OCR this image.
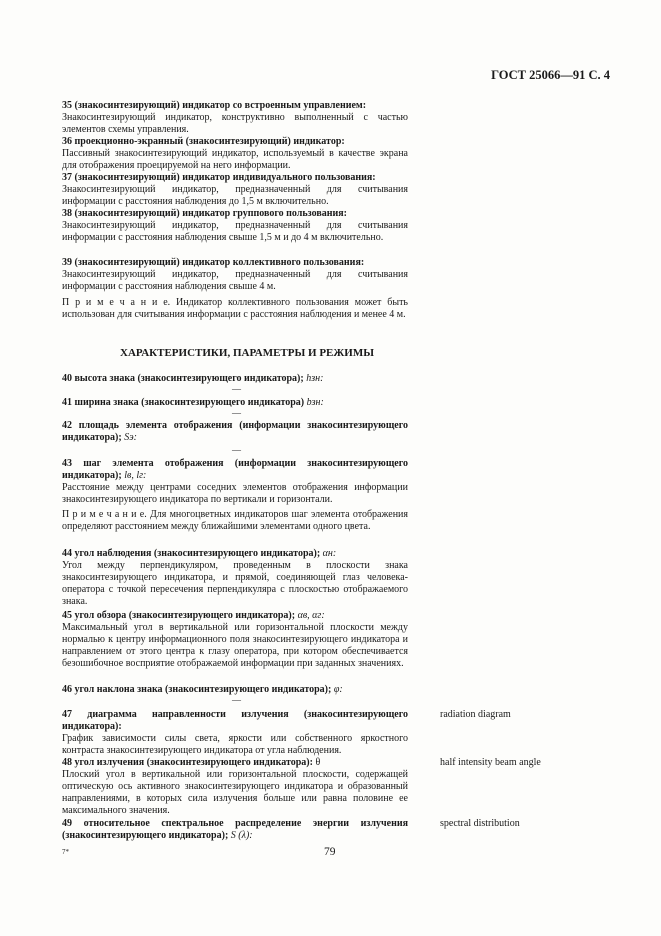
ГОСТ 25066—91 С. 4
35 (знакосинтезирующий) индикатор со встроенным управлением:
Знакосинтезирующий индикатор, конструктивно выполненный с частью элементов схемы управления.
36 проекционно-экранный (знакосинтезирующий) индикатор:
Пассивный знакосинтезирующий индикатор, используемый в качестве экрана для отображения проецируемой на него информации.
37 (знакосинтезирующий) индикатор индивидуального пользования:
Знакосинтезирующий индикатор, предназначенный для считывания информации с расстояния наблюдения до 1,5 м включительно.
38 (знакосинтезирующий) индикатор группового пользования:
Знакосинтезирующий индикатор, предназначенный для считывания информации с расстояния наблюдения свыше 1,5 м и до 4 м включительно.
39 (знакосинтезирующий) индикатор коллективного пользования:
Знакосинтезирующий индикатор, предназначенный для считывания информации с расстояния наблюдения свыше 4 м.
П р и м е ч а н и е. Индикатор коллективного пользования может быть использован для считывания информации с расстояния наблюдения и менее 4 м.
ХАРАКТЕРИСТИКИ, ПАРАМЕТРЫ И РЕЖИМЫ
40 высота знака (знакосинтезирующего индикатора); hзн:
—
41 ширина знака (знакосинтезирующего индикатора) bзн:
—
42 площадь элемента отображения (информации знакосинтезирующего индикатора); Sэ:
—
43 шаг элемента отображения (информации знакосинтезирующего индикатора); lв, lг:
Расстояние между центрами соседних элементов отображения информации знакосинтезирующего индикатора по вертикали и горизонтали.
П р и м е ч а н и е. Для многоцветных индикаторов шаг элемента отображения определяют расстоянием между ближайшими элементами одного цвета.
44 угол наблюдения (знакосинтезирующего индикатора); αн:
Угол между перпендикуляром, проведенным в плоскости знака знакосинтезирующего индикатора, и прямой, соединяющей глаз человека-оператора с точкой пересечения перпендикуляра с плоскостью отображаемого знака.
45 угол обзора (знакосинтезирующего индикатора); αв, αг:
Максимальный угол в вертикальной или горизонтальной плоскости между нормалью к центру информационного поля знакосинтезирующего индикатора и направлением от этого центра к глазу оператора, при котором обеспечивается безошибочное восприятие отображаемой информации при заданных значениях.
46 угол наклона знака (знакосинтезирующего индикатора); φ:
—
47 диаграмма направленности излучения (знакосинтезирующего индикатора):
График зависимости силы света, яркости или собственного яркостного контраста знакосинтезирующего индикатора от угла наблюдения.
radiation diagram
48 угол излучения (знакосинтезирующего индикатора): θ
Плоский угол в вертикальной или горизонтальной плоскости, содержащей оптическую ось активного знакосинтезирующего индикатора и образованный направлениями, в которых сила излучения больше или равна половине ее максимального значения.
half intensity beam angle
49 относительное спектральное распределение энергии излучения (знакосинтезирующего индикатора); S (λ):
spectral distribution
7*	79
